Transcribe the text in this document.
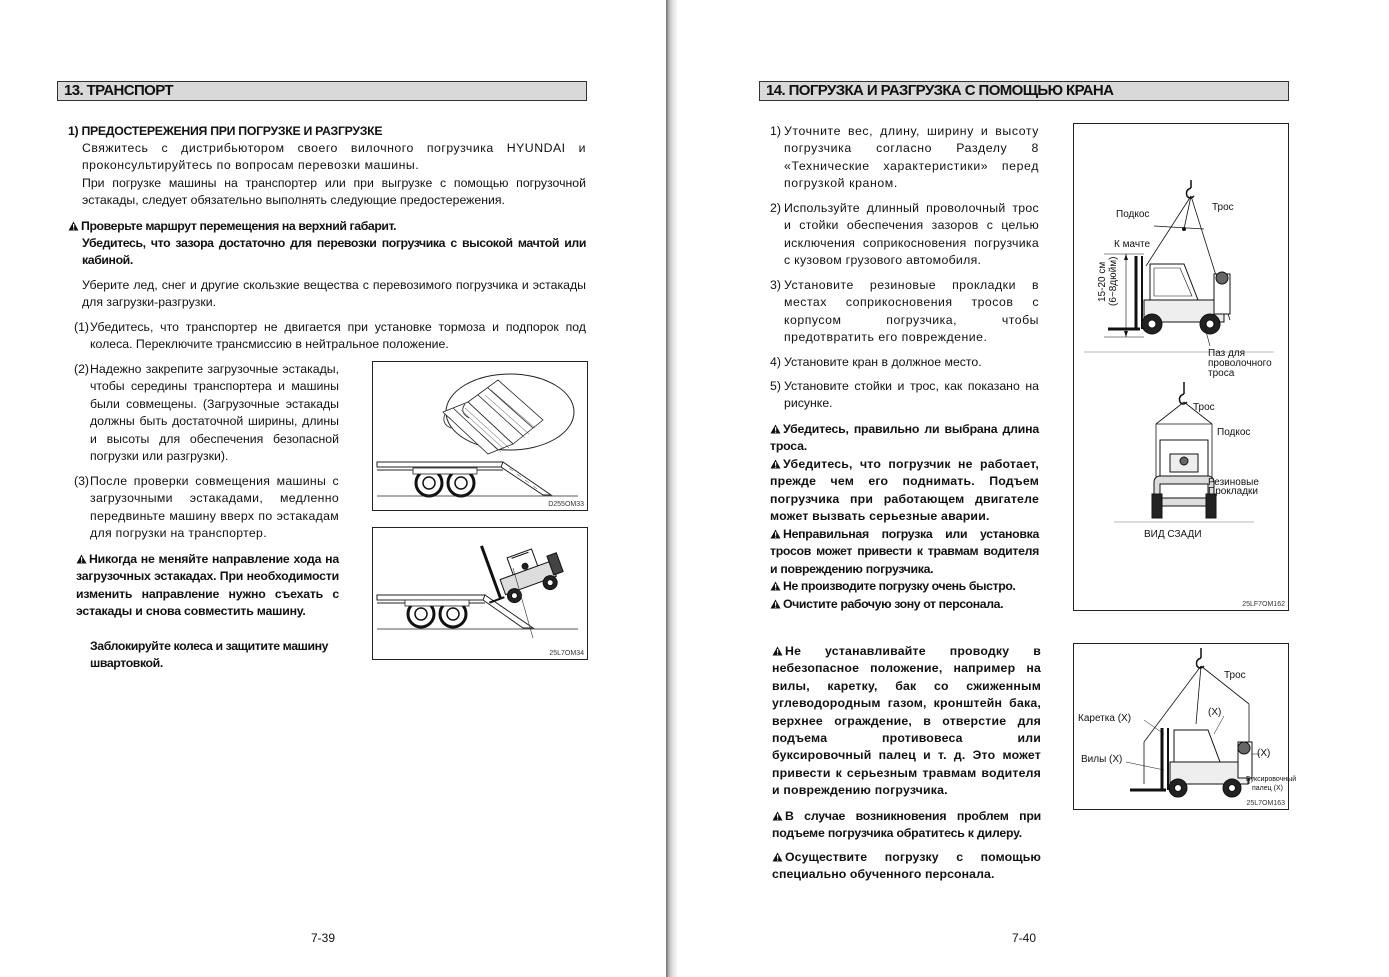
13. ТРАНСПОРТ
1) ПРЕДОСТЕРЕЖЕНИЯ ПРИ ПОГРУЗКЕ И РАЗГРУЗКЕ
Свяжитесь с дистрибьютором своего вилочного погрузчика HYUNDAI и проконсультируйтесь по вопросам перевозки машины.
При погрузке машины на транспортер или при выгрузке с помощью погрузочной эстакады, следует обязательно выполнять следующие предостережения.
Проверьте маршрут перемещения на верхний габарит.
Убедитесь, что зазора достаточно для перевозки погрузчика с высокой мачтой или кабиной.
Уберите лед, снег и другие скользкие вещества с перевозимого погрузчика и эстакады для загрузки-разгрузки.
(1) Убедитесь, что транспортер не двигается при установке тормоза и подпорок под колеса. Переключите трансмиссию в нейтральное положение.
(2) Надежно закрепите загрузочные эстакады, чтобы середины транспортера и машины были совмещены. (Загрузочные эстакады должны быть достаточной ширины, длины и высоты для обеспечения безопасной погрузки или разгрузки).
(3) После проверки совмещения машины с загрузочными эстакадами, медленно передвиньте машину вверх по эстакадам для погрузки на транспортер.
Никогда не меняйте направление хода на загрузочных эстакадах. При необходимости изменить направление нужно съехать с эстакады и снова совместить машину.
Заблокируйте колеса и защитите машину швартовкой.
D255OM33
25L7OM34
7-39
14. ПОГРУЗКА И РАЗГРУЗКА С ПОМОЩЬЮ КРАНА
1) Уточните вес, длину, ширину и высоту погрузчика согласно Разделу 8 «Технические характеристики» перед погрузкой краном.
2) Используйте длинный проволочный трос и стойки обеспечения зазоров с целью исключения соприкосновения погрузчика с кузовом грузового автомобиля.
3) Установите резиновые прокладки в местах соприкосновения тросов с корпусом погрузчика, чтобы предотвратить его повреждение.
4) Установите кран в должное место.
5) Установите стойки и трос, как показано на рисунке.
Убедитесь, правильно ли выбрана длина троса.
Убедитесь, что погрузчик не работает, прежде чем его поднимать. Подъем погрузчика при работающем двигателе может вызвать серьезные аварии.
Неправильная погрузка или установка тросов может привести к травмам водителя и повреждению погрузчика.
Не производите погрузку очень быстро.
Очистите рабочую зону от персонала.
Не устанавливайте проводку в небезопасное положение, например на вилы, каретку, бак со сжиженным углеводородным газом, кронштейн бака, верхнее ограждение, в отверстие для подъема противовеса или буксировочный палец и т. д. Это может привести к серьезным травмам водителя и повреждению погрузчика.
В случае возникновения проблем при подъеме погрузчика обратитесь к дилеру.
Осуществите погрузку с помощью специально обученного персонала.
Подкос
Трос
К мачте
15-20 см (6~8дюйм)
Паз для
проволочного
троса
Трос
Подкос
Резиновые
Прокладки
ВИД СЗАДИ
25LF7OM162
Трос
Каретка (X)
(X)
(X)
Вилы (X)
Буксировочный
палец (X)
25L7OM163
7-40
